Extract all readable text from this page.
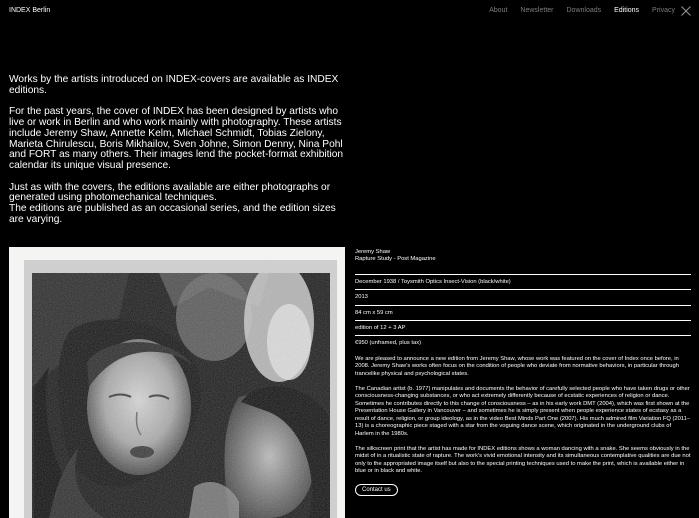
INDEX Berlin	About Newsletter Downloads Editions Privacy

Works by the artists introduced on INDEX-covers are available as INDEX editions.

For the past years, the cover of INDEX has been designed by artists who live or work in Berlin and who work mainly with photography. These artists include Jeremy Shaw, Annette Kelm, Michael Schmidt, Tobias Zielony, Marieta Chirulescu, Boris Mikhailov, Sven Johne, Simon Denny, Nina Pohl and FORT as many others. Their images lend the pocket-format exhibition calendar its unique visual presence.

Just as with the covers, the editions available are either photographs or generated using photomechanical techniques.
The editions are published as an occasional series, and the edition sizes are varying.

Jeremy Shaw
Rapture Study - Post Magazine
December 1938 / Toysmith Optics Insect-Vision (black/white)
2013
84 cm x 59 cm
edition of 12 + 3 AP
€950 (unframed, plus tax)

We are pleased to announce a new edition from Jeremy Shaw, whose work was featured on the cover of Index once before, in 2008. Jeremy Shaw's works often focus on the condition of people who deviate from normative behaviors, in particular through trancelike physical and psychological states.

The Canadian artist (b. 1977) manipulates and documents the behavior of carefully selected people who have taken drugs or other consciousness-changing substances, or who act extremely differently because of ecstatic experiences of religion or dance. Sometimes he contributes directly to this change of consciousness – as in his early work DMT (2004), which was first shown at the Presentation House Gallery in Vancouver – and sometimes he is simply present when people experience states of ecstasy as a result of dance, religion, or group ideology, as in the video Best Minds Part One (2007). His much admired film Variation FQ (2011–13) is a choreographic piece staged with a star from the voguing dance scene, which originated in the underground clubs of Harlem in the 1980s.

The silkscreen print that the artist has made for INDEX editions shows a woman dancing with a snake. She seems obviously in the midst of in a ritualistic state of rapture. The work's vivid emotional intensity and its simultaneous contemplative qualities are due not only to the appropriated image itself but also to the special printing techniques used to make the print, which is available either in blue or in black and white.

Contact us
